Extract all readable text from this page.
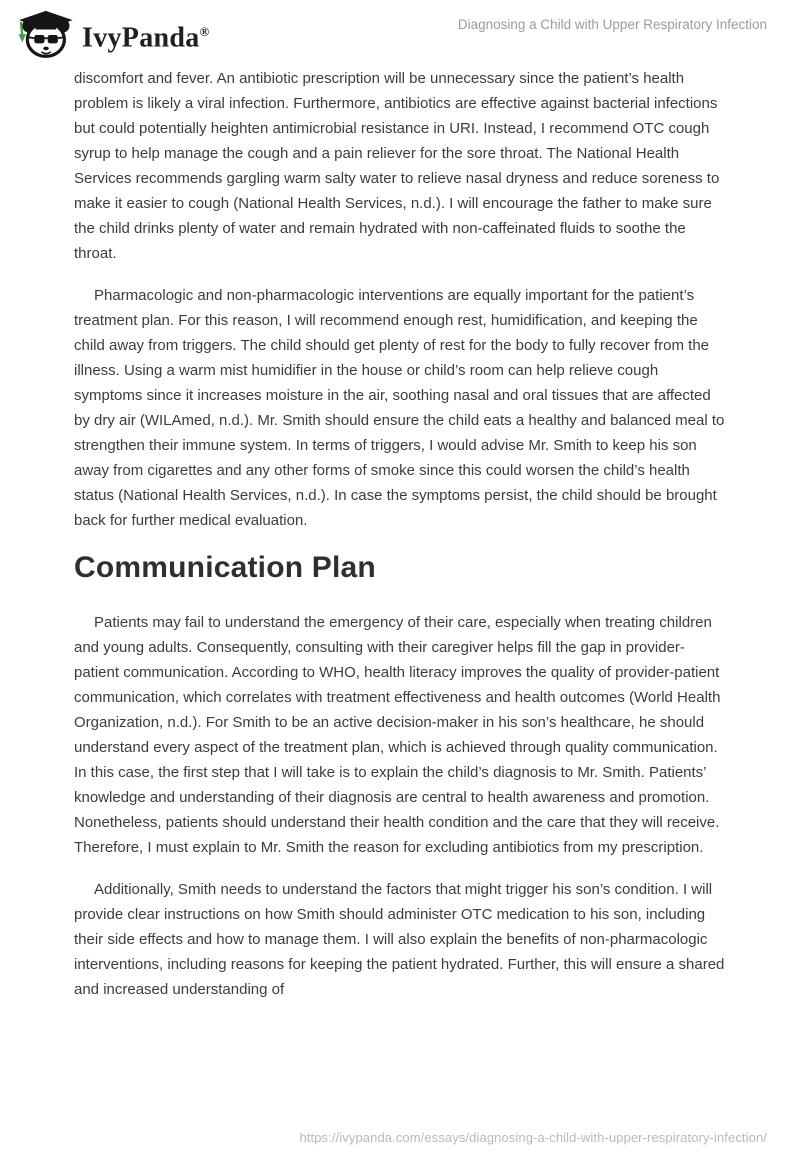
IvyPanda®	Diagnosing a Child with Upper Respiratory Infection

discomfort and fever. An antibiotic prescription will be unnecessary since the patient’s health problem is likely a viral infection. Furthermore, antibiotics are effective against bacterial infections but could potentially heighten antimicrobial resistance in URI. Instead, I recommend OTC cough syrup to help manage the cough and a pain reliever for the sore throat. The National Health Services recommends gargling warm salty water to relieve nasal dryness and reduce soreness to make it easier to cough (National Health Services, n.d.). I will encourage the father to make sure the child drinks plenty of water and remain hydrated with non-caffeinated fluids to soothe the throat.

Pharmacologic and non-pharmacologic interventions are equally important for the patient’s treatment plan. For this reason, I will recommend enough rest, humidification, and keeping the child away from triggers. The child should get plenty of rest for the body to fully recover from the illness. Using a warm mist humidifier in the house or child’s room can help relieve cough symptoms since it increases moisture in the air, soothing nasal and oral tissues that are affected by dry air (WILAmed, n.d.). Mr. Smith should ensure the child eats a healthy and balanced meal to strengthen their immune system. In terms of triggers, I would advise Mr. Smith to keep his son away from cigarettes and any other forms of smoke since this could worsen the child’s health status (National Health Services, n.d.). In case the symptoms persist, the child should be brought back for further medical evaluation.

Communication Plan

Patients may fail to understand the emergency of their care, especially when treating children and young adults. Consequently, consulting with their caregiver helps fill the gap in provider-patient communication. According to WHO, health literacy improves the quality of provider-patient communication, which correlates with treatment effectiveness and health outcomes (World Health Organization, n.d.). For Smith to be an active decision-maker in his son’s healthcare, he should understand every aspect of the treatment plan, which is achieved through quality communication. In this case, the first step that I will take is to explain the child’s diagnosis to Mr. Smith. Patients’ knowledge and understanding of their diagnosis are central to health awareness and promotion. Nonetheless, patients should understand their health condition and the care that they will receive. Therefore, I must explain to Mr. Smith the reason for excluding antibiotics from my prescription.

Additionally, Smith needs to understand the factors that might trigger his son’s condition. I will provide clear instructions on how Smith should administer OTC medication to his son, including their side effects and how to manage them. I will also explain the benefits of non-pharmacologic interventions, including reasons for keeping the patient hydrated. Further, this will ensure a shared and increased understanding of

https://ivypanda.com/essays/diagnosing-a-child-with-upper-respiratory-infection/
